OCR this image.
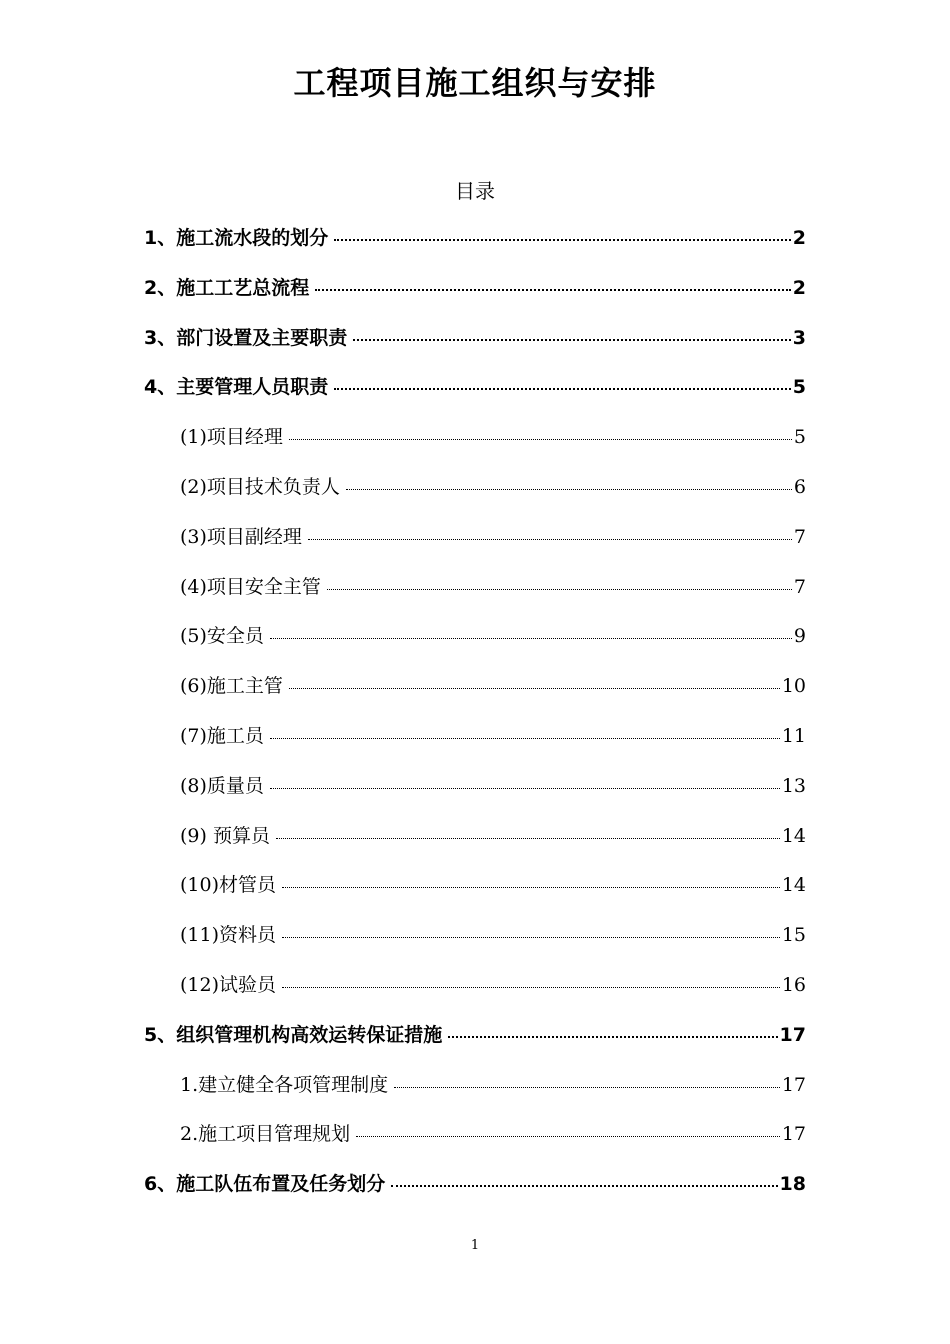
工程项目施工组织与安排
目录
1、施工流水段的划分	2
2、施工工艺总流程	2
3、部门设置及主要职责	3
4、主要管理人员职责	5
(1)项目经理	5
(2)项目技术负责人	6
(3)项目副经理	7
(4)项目安全主管	7
(5)安全员	9
(6)施工主管	10
(7)施工员	11
(8)质量员	13
(9) 预算员	14
(10)材管员	14
(11)资料员	15
(12)试验员	16
5、组织管理机构高效运转保证措施	17
1.建立健全各项管理制度	17
2.施工项目管理规划	17
6、施工队伍布置及任务划分	18
1
